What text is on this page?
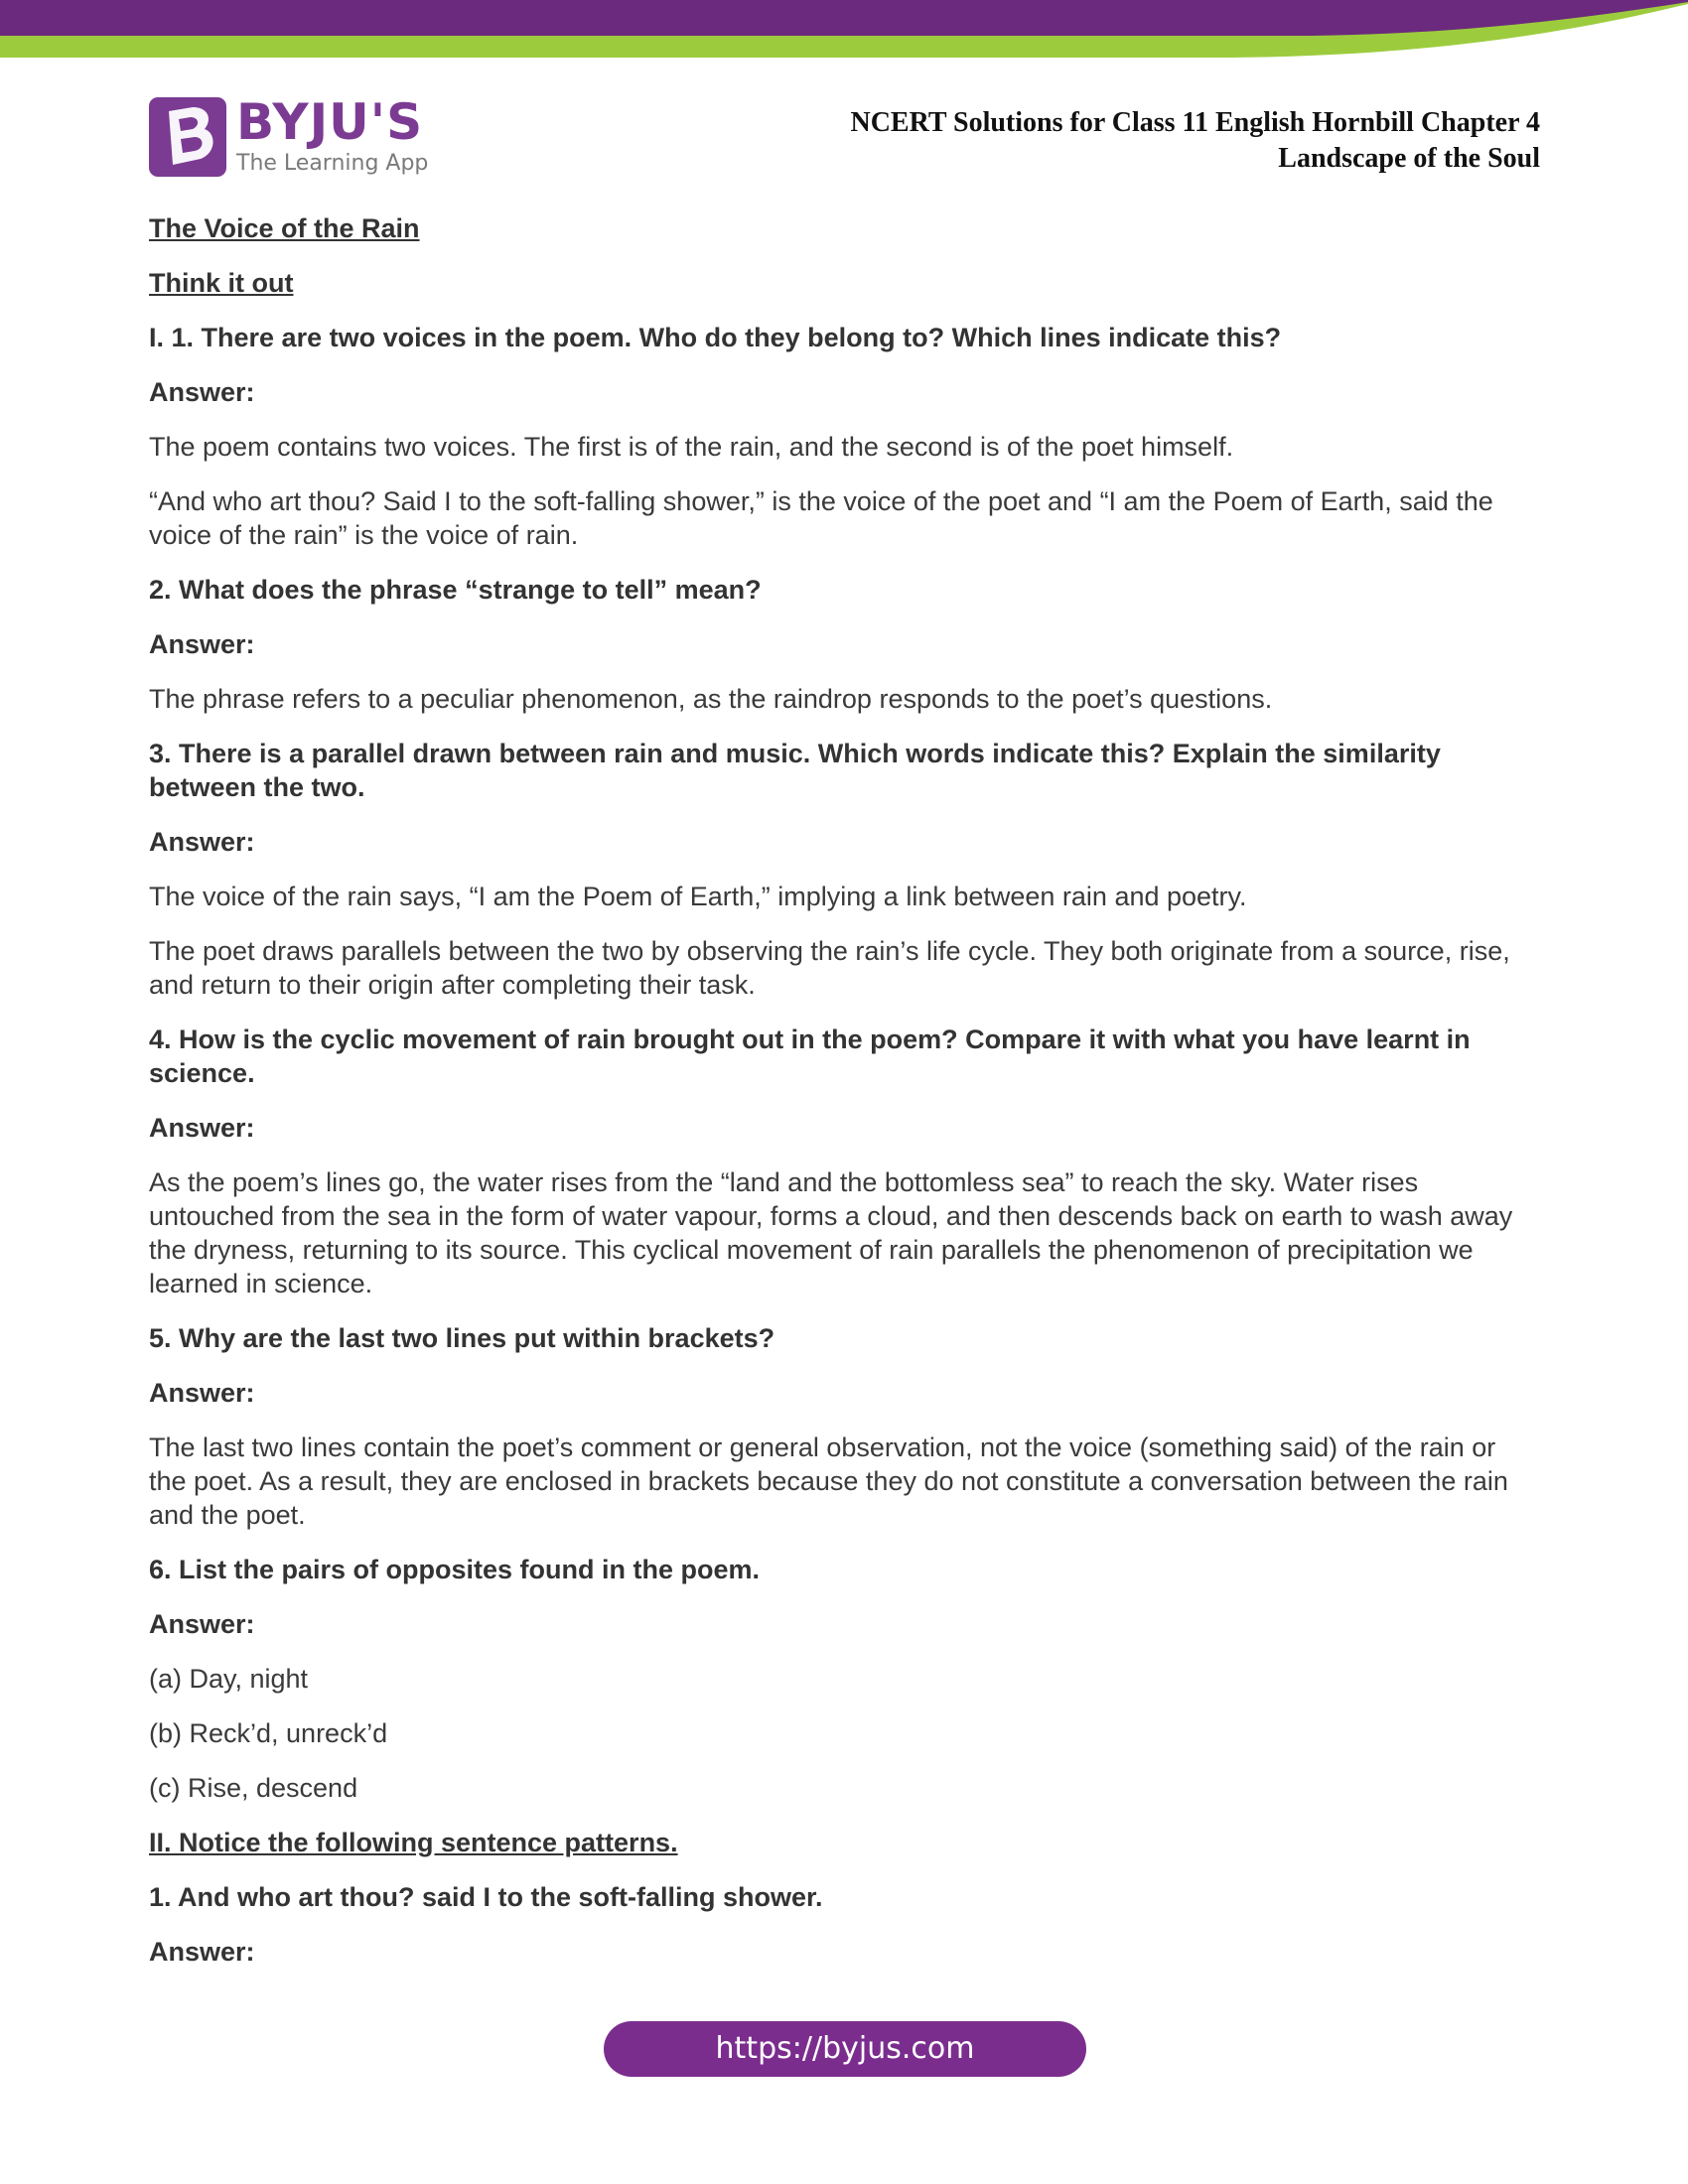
BYJU'S
The Learning App
NCERT Solutions for Class 11 English Hornbill Chapter 4
Landscape of the Soul

The Voice of the Rain

Think it out

I. 1. There are two voices in the poem. Who do they belong to? Which lines indicate this?

Answer:

The poem contains two voices. The first is of the rain, and the second is of the poet himself.

“And who art thou? Said I to the soft-falling shower,” is the voice of the poet and “I am the Poem of Earth, said the voice of the rain” is the voice of rain.

2. What does the phrase “strange to tell” mean?

Answer:

The phrase refers to a peculiar phenomenon, as the raindrop responds to the poet’s questions.

3. There is a parallel drawn between rain and music. Which words indicate this? Explain the similarity between the two.

Answer:

The voice of the rain says, “I am the Poem of Earth,” implying a link between rain and poetry.

The poet draws parallels between the two by observing the rain’s life cycle. They both originate from a source, rise, and return to their origin after completing their task.

4. How is the cyclic movement of rain brought out in the poem? Compare it with what you have learnt in science.

Answer:

As the poem’s lines go, the water rises from the “land and the bottomless sea” to reach the sky. Water rises untouched from the sea in the form of water vapour, forms a cloud, and then descends back on earth to wash away the dryness, returning to its source. This cyclical movement of rain parallels the phenomenon of precipitation we learned in science.

5. Why are the last two lines put within brackets?

Answer:

The last two lines contain the poet’s comment or general observation, not the voice (something said) of the rain or the poet. As a result, they are enclosed in brackets because they do not constitute a conversation between the rain and the poet.

6. List the pairs of opposites found in the poem.

Answer:

(a) Day, night

(b) Reck’d, unreck’d

(c) Rise, descend

II. Notice the following sentence patterns.

1. And who art thou? said I to the soft-falling shower.

Answer:

https://byjus.com
